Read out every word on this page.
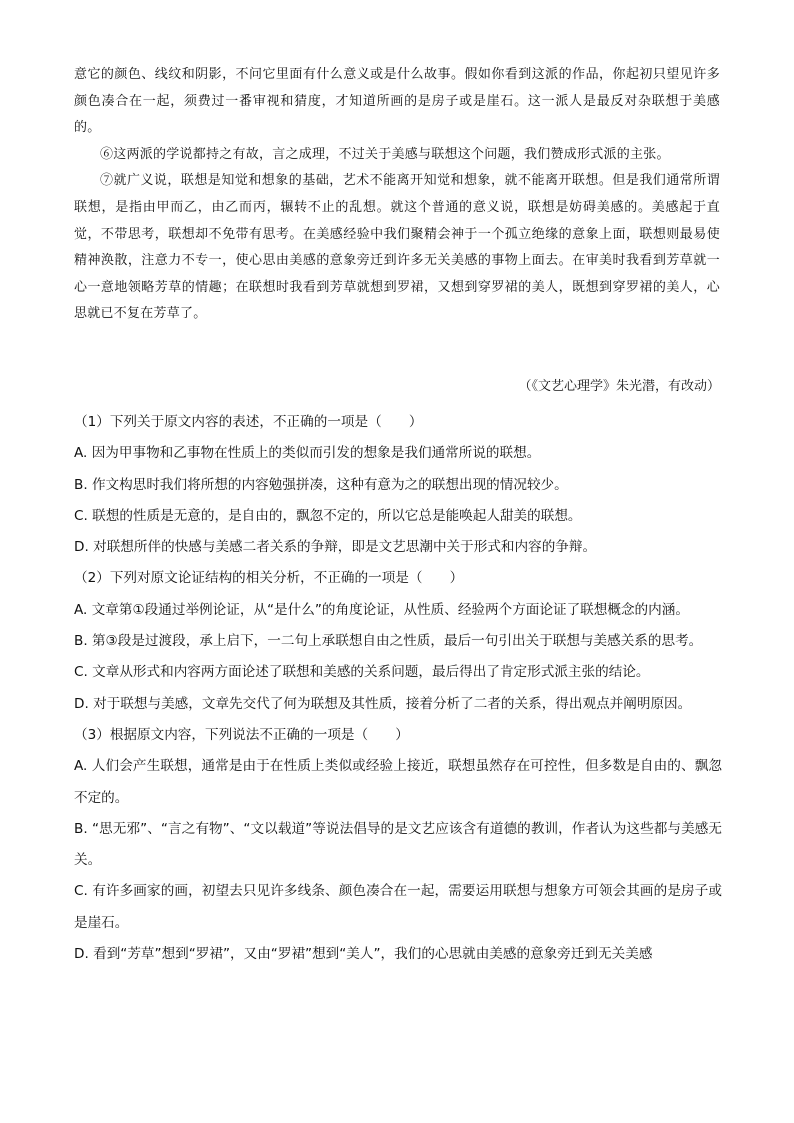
意它的颜色、线纹和阴影，不问它里面有什么意义或是什么故事。假如你看到这派的作品，你起初只望见许多颜色凑合在一起，须费过一番审视和猜度，才知道所画的是房子或是崖石。这一派人是最反对杂联想于美感的。

⑥这两派的学说都持之有故，言之成理，不过关于美感与联想这个问题，我们赞成形式派的主张。

⑦就广义说，联想是知觉和想象的基础，艺术不能离开知觉和想象，就不能离开联想。但是我们通常所谓联想，是指由甲而乙，由乙而丙，辗转不止的乱想。就这个普通的意义说，联想是妨碍美感的。美感起于直觉，不带思考，联想却不免带有思考。在美感经验中我们聚精会神于一个孤立绝缘的意象上面，联想则最易使精神涣散，注意力不专一，使心思由美感的意象旁迁到许多无关美感的事物上面去。在审美时我看到芳草就一心一意地领略芳草的情趣；在联想时我看到芳草就想到罗裙，又想到穿罗裙的美人，既想到穿罗裙的美人，心思就已不复在芳草了。

（《文艺心理学》朱光潜，有改动）

（1）下列关于原文内容的表述，不正确的一项是（　　）

A. 因为甲事物和乙事物在性质上的类似而引发的想象是我们通常所说的联想。

B. 作文构思时我们将所想的内容勉强拼凑，这种有意为之的联想出现的情况较少。

C. 联想的性质是无意的，是自由的，飘忽不定的，所以它总是能唤起人甜美的联想。

D. 对联想所伴的快感与美感二者关系的争辩，即是文艺思潮中关于形式和内容的争辩。

（2）下列对原文论证结构的相关分析，不正确的一项是（　　）

A. 文章第①段通过举例论证，从“是什么”的角度论证，从性质、经验两个方面论证了联想概念的内涵。

B. 第③段是过渡段，承上启下，一二句上承联想自由之性质，最后一句引出关于联想与美感关系的思考。

C. 文章从形式和内容两方面论述了联想和美感的关系问题，最后得出了肯定形式派主张的结论。

D. 对于联想与美感，文章先交代了何为联想及其性质，接着分析了二者的关系，得出观点并阐明原因。

（3）根据原文内容，下列说法不正确的一项是（　　）

A. 人们会产生联想，通常是由于在性质上类似或经验上接近，联想虽然存在可控性，但多数是自由的、飘忽不定的。

B. “思无邪”、“言之有物”、“文以载道”等说法倡导的是文艺应该含有道德的教训，作者认为这些都与美感无关。

C. 有许多画家的画，初望去只见许多线条、颜色凑合在一起，需要运用联想与想象方可领会其画的是房子或是崖石。

D. 看到“芳草”想到“罗裙”，又由“罗裙”想到“美人”，我们的心思就由美感的意象旁迁到无关美感
